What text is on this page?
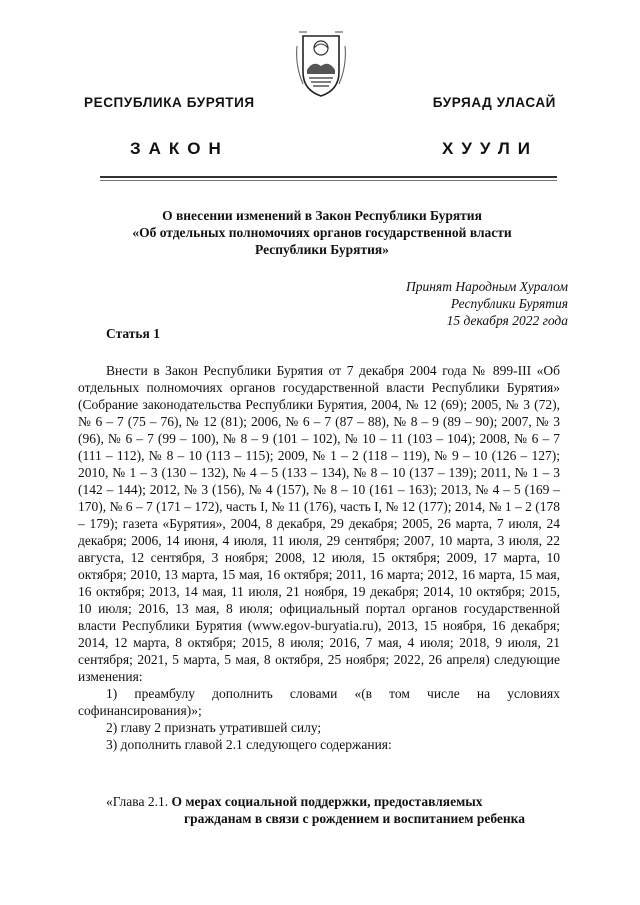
РЕСПУБЛИКА БУРЯТИЯ	БУРЯАД УЛАСАЙ
ЗАКОН	ХУУЛИ
О внесении изменений в Закон Республики Бурятия
«Об отдельных полномочиях органов государственной власти
Республики Бурятия»
Принят Народным Хуралом
Республики Бурятия
15 декабря 2022 года
Статья 1

Внести в Закон Республики Бурятия от 7 декабря 2004 года № 899-III «Об отдельных полномочиях органов государственной власти Республики Бурятия» (Собрание законодательства Республики Бурятия, 2004, № 12 (69); 2005, № 3 (72), № 6 – 7 (75 – 76), № 12 (81); 2006, № 6 – 7 (87 – 88), № 8 – 9 (89 – 90); 2007, № 3 (96), № 6 – 7 (99 – 100), № 8 – 9 (101 – 102), № 10 – 11 (103 – 104); 2008, № 6 – 7 (111 – 112), № 8 – 10 (113 – 115); 2009, № 1 – 2 (118 – 119), № 9 – 10 (126 – 127); 2010, № 1 – 3 (130 – 132), № 4 – 5 (133 – 134), № 8 – 10 (137 – 139); 2011, № 1 – 3 (142 – 144); 2012, № 3 (156), № 4 (157), № 8 – 10 (161 – 163); 2013, № 4 – 5 (169 – 170), № 6 – 7 (171 – 172), часть I, № 11 (176), часть I, № 12 (177); 2014, № 1 – 2 (178 – 179); газета «Бурятия», 2004, 8 декабря, 29 декабря; 2005, 26 марта, 7 июля, 24 декабря; 2006, 14 июня, 4 июля, 11 июля, 29 сентября; 2007, 10 марта, 3 июля, 22 августа, 12 сентября, 3 ноября; 2008, 12 июля, 15 октября; 2009, 17 марта, 10 октября; 2010, 13 марта, 15 мая, 16 октября; 2011, 16 марта; 2012, 16 марта, 15 мая, 16 октября; 2013, 14 мая, 11 июля, 21 ноября, 19 декабря; 2014, 10 октября; 2015, 10 июля; 2016, 13 мая, 8 июля; официальный портал органов государственной власти Республики Бурятия (www.egov-buryatia.ru), 2013, 15 ноября, 16 декабря; 2014, 12 марта, 8 октября; 2015, 8 июля; 2016, 7 мая, 4 июля; 2018, 9 июля, 21 сентября; 2021, 5 марта, 5 мая, 8 октября, 25 ноября; 2022, 26 апреля) следующие изменения:

1) преамбулу дополнить словами «(в том числе на условиях софинансирования)»;

2) главу 2 признать утратившей силу;

3) дополнить главой 2.1 следующего содержания:

«Глава 2.1. О мерах социальной поддержки, предоставляемых
гражданам в связи с рождением и воспитанием ребенка
